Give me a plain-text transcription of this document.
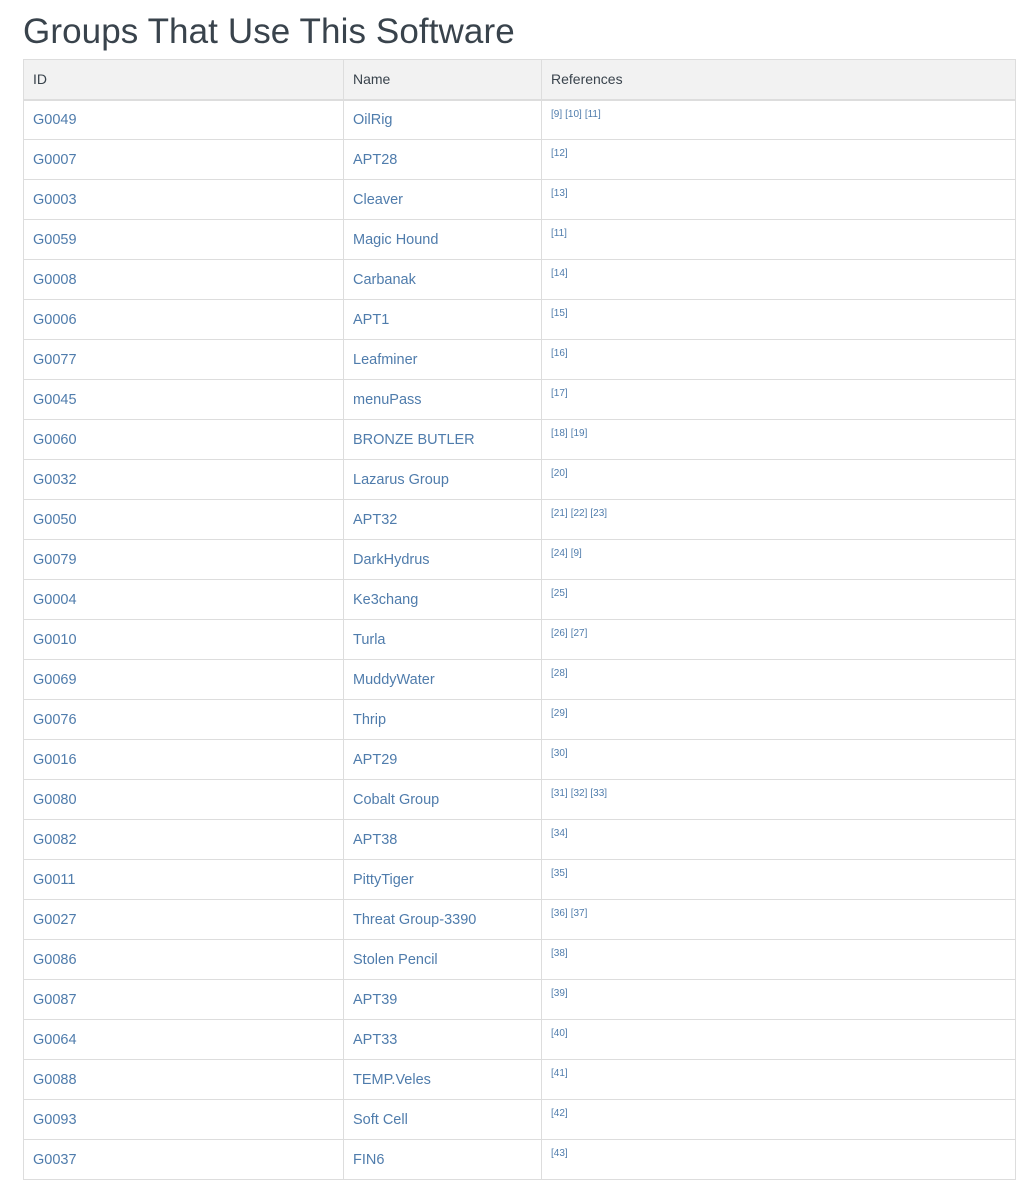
Groups That Use This Software
ID	Name	References
G0049	OilRig	[9] [10] [11]
G0007	APT28	[12]
G0003	Cleaver	[13]
G0059	Magic Hound	[11]
G0008	Carbanak	[14]
G0006	APT1	[15]
G0077	Leafminer	[16]
G0045	menuPass	[17]
G0060	BRONZE BUTLER	[18] [19]
G0032	Lazarus Group	[20]
G0050	APT32	[21] [22] [23]
G0079	DarkHydrus	[24] [9]
G0004	Ke3chang	[25]
G0010	Turla	[26] [27]
G0069	MuddyWater	[28]
G0076	Thrip	[29]
G0016	APT29	[30]
G0080	Cobalt Group	[31] [32] [33]
G0082	APT38	[34]
G0011	PittyTiger	[35]
G0027	Threat Group-3390	[36] [37]
G0086	Stolen Pencil	[38]
G0087	APT39	[39]
G0064	APT33	[40]
G0088	TEMP.Veles	[41]
G0093	Soft Cell	[42]
G0037	FIN6	[43]
